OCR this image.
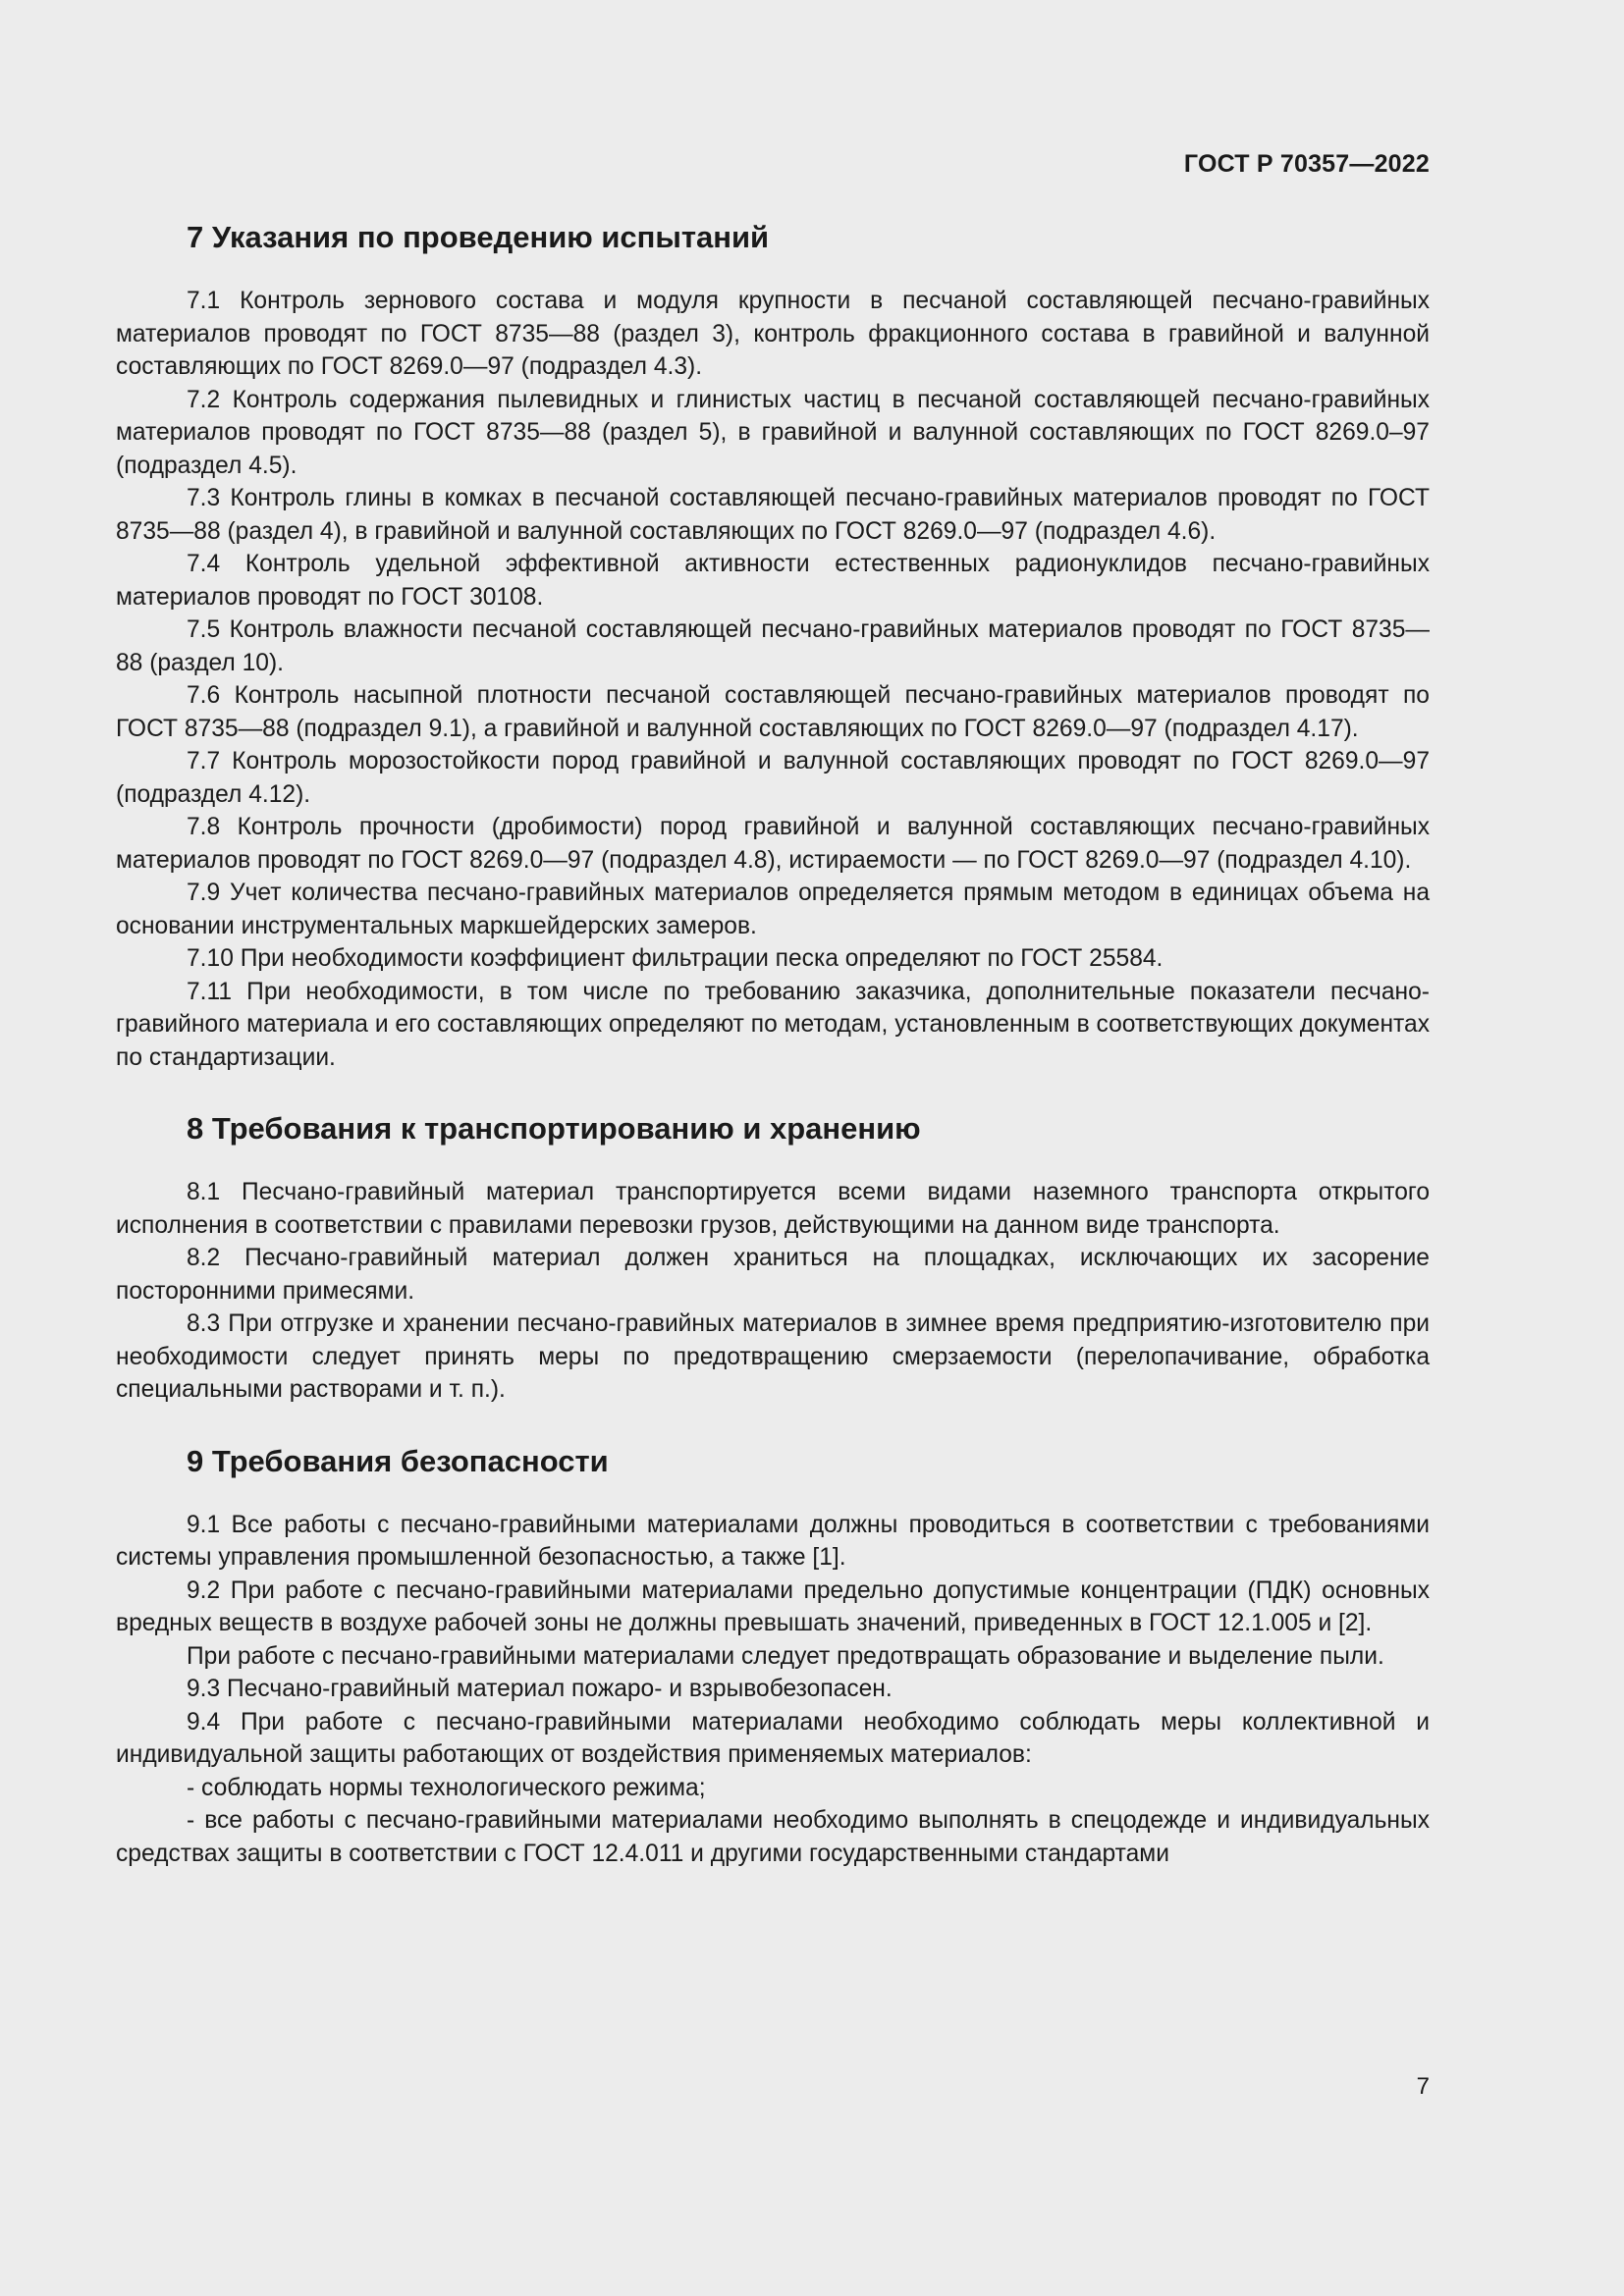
ГОСТ Р 70357—2022
7 Указания по проведению испытаний

7.1 Контроль зернового состава и модуля крупности в песчаной составляющей песчано-гравийных материалов проводят по ГОСТ 8735—88 (раздел 3), контроль фракционного состава в гравийной и валунной составляющих по ГОСТ 8269.0—97 (подраздел 4.3).

7.2 Контроль содержания пылевидных и глинистых частиц в песчаной составляющей песчано-гравийных материалов проводят по ГОСТ 8735—88 (раздел 5), в гравийной и валунной составляющих по ГОСТ 8269.0–97 (подраздел 4.5).

7.3 Контроль глины в комках в песчаной составляющей песчано-гравийных материалов проводят по ГОСТ 8735—88 (раздел 4), в гравийной и валунной составляющих по ГОСТ 8269.0—97 (подраздел 4.6).

7.4 Контроль удельной эффективной активности естественных радионуклидов песчано-гравийных материалов проводят по ГОСТ 30108.

7.5 Контроль влажности песчаной составляющей песчано-гравийных материалов проводят по ГОСТ 8735—88 (раздел 10).

7.6 Контроль насыпной плотности песчаной составляющей песчано-гравийных материалов проводят по ГОСТ 8735—88 (подраздел 9.1), а гравийной и валунной составляющих по ГОСТ 8269.0—97 (подраздел 4.17).

7.7 Контроль морозостойкости пород гравийной и валунной составляющих проводят по ГОСТ 8269.0—97 (подраздел 4.12).

7.8 Контроль прочности (дробимости) пород гравийной и валунной составляющих песчано-гравийных материалов проводят по ГОСТ 8269.0—97 (подраздел 4.8), истираемости — по ГОСТ 8269.0—97 (подраздел 4.10).

7.9 Учет количества песчано-гравийных материалов определяется прямым методом в единицах объема на основании инструментальных маркшейдерских замеров.

7.10 При необходимости коэффициент фильтрации песка определяют по ГОСТ 25584.

7.11 При необходимости, в том числе по требованию заказчика, дополнительные показатели песчано-гравийного материала и его составляющих определяют по методам, установленным в соответствующих документах по стандартизации.

8 Требования к транспортированию и хранению

8.1 Песчано-гравийный материал транспортируется всеми видами наземного транспорта открытого исполнения в соответствии с правилами перевозки грузов, действующими на данном виде транспорта.

8.2 Песчано-гравийный материал должен храниться на площадках, исключающих их засорение посторонними примесями.

8.3 При отгрузке и хранении песчано-гравийных материалов в зимнее время предприятию-изготовителю при необходимости следует принять меры по предотвращению смерзаемости (перелопачивание, обработка специальными растворами и т. п.).

9 Требования безопасности

9.1 Все работы с песчано-гравийными материалами должны проводиться в соответствии с требованиями системы управления промышленной безопасностью, а также [1].

9.2 При работе с песчано-гравийными материалами предельно допустимые концентрации (ПДК) основных вредных веществ в воздухе рабочей зоны не должны превышать значений, приведенных в ГОСТ 12.1.005 и [2].

При работе с песчано-гравийными материалами следует предотвращать образование и выделение пыли.

9.3 Песчано-гравийный материал пожаро- и взрывобезопасен.

9.4 При работе с песчано-гравийными материалами необходимо соблюдать меры коллективной и индивидуальной защиты работающих от воздействия применяемых материалов:

- соблюдать нормы технологического режима;

- все работы с песчано-гравийными материалами необходимо выполнять в спецодежде и индивидуальных средствах защиты в соответствии с ГОСТ 12.4.011 и другими государственными стандартами

7
